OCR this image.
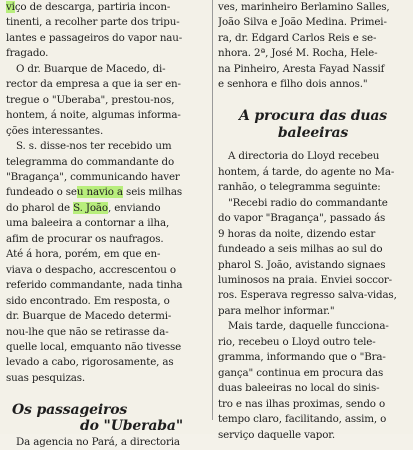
viço de descarga, partiria incon-
tinenti, a recolher parte dos tripu-
lantes e passageiros do vapor nau-
fragado.
O dr. Buarque de Macedo, di-
rector da empresa a que ia ser en-
tregue o "Uberaba", prestou-nos,
hontem, á noite, algumas informa-
ções interessantes.
S. s. disse-nos ter recebido um
telegramma do commandante do
"Bragança", communicando haver
fundeado o seu navio a seis milhas
do pharol de S. João, enviando
uma baleeira a contornar a ilha,
afim de procurar os naufragos.
Até á hora, porém, em que en-
viava o despacho, accrescentou o
referido commandante, nada tinha
sido encontrado. Em resposta, o
dr. Buarque de Macedo determi-
nou-lhe que não se retirasse da-
quelle local, emquanto não tivesse
levado a cabo, rigorosamente, as
suas pesquizas.
Os passageiros
do "Uberaba"
Da agencia no Pará, a directoria
ves, marinheiro Berlamino Salles,
João Silva e João Medina. Primei-
ra, dr. Edgard Carlos Reis e se-
nhora. 2ª, José M. Rocha, Hele-
na Pinheiro, Aresta Fayad Nassif
e senhora e filho dois annos."
A procura das duas
baleeiras
A directoria do Lloyd recebeu
hontem, á tarde, do agente no Ma-
ranhão, o telegramma seguinte:
"Recebi radio do commandante
do vapor "Bragança", passado ás
9 horas da noite, dizendo estar
fundeado a seis milhas ao sul do
pharol S. João, avistando signaes
luminosos na praia. Enviei soccor-
ros. Esperava regresso salva-vidas,
para melhor informar."
Mais tarde, daquelle funcciona-
rio, recebeu o Lloyd outro tele-
gramma, informando que o "Bra-
gança" continua em procura das
duas baleeiras no local do sinis-
tro e nas ilhas proximas, sendo o
tempo claro, facilitando, assim, o
serviço daquelle vapor.
